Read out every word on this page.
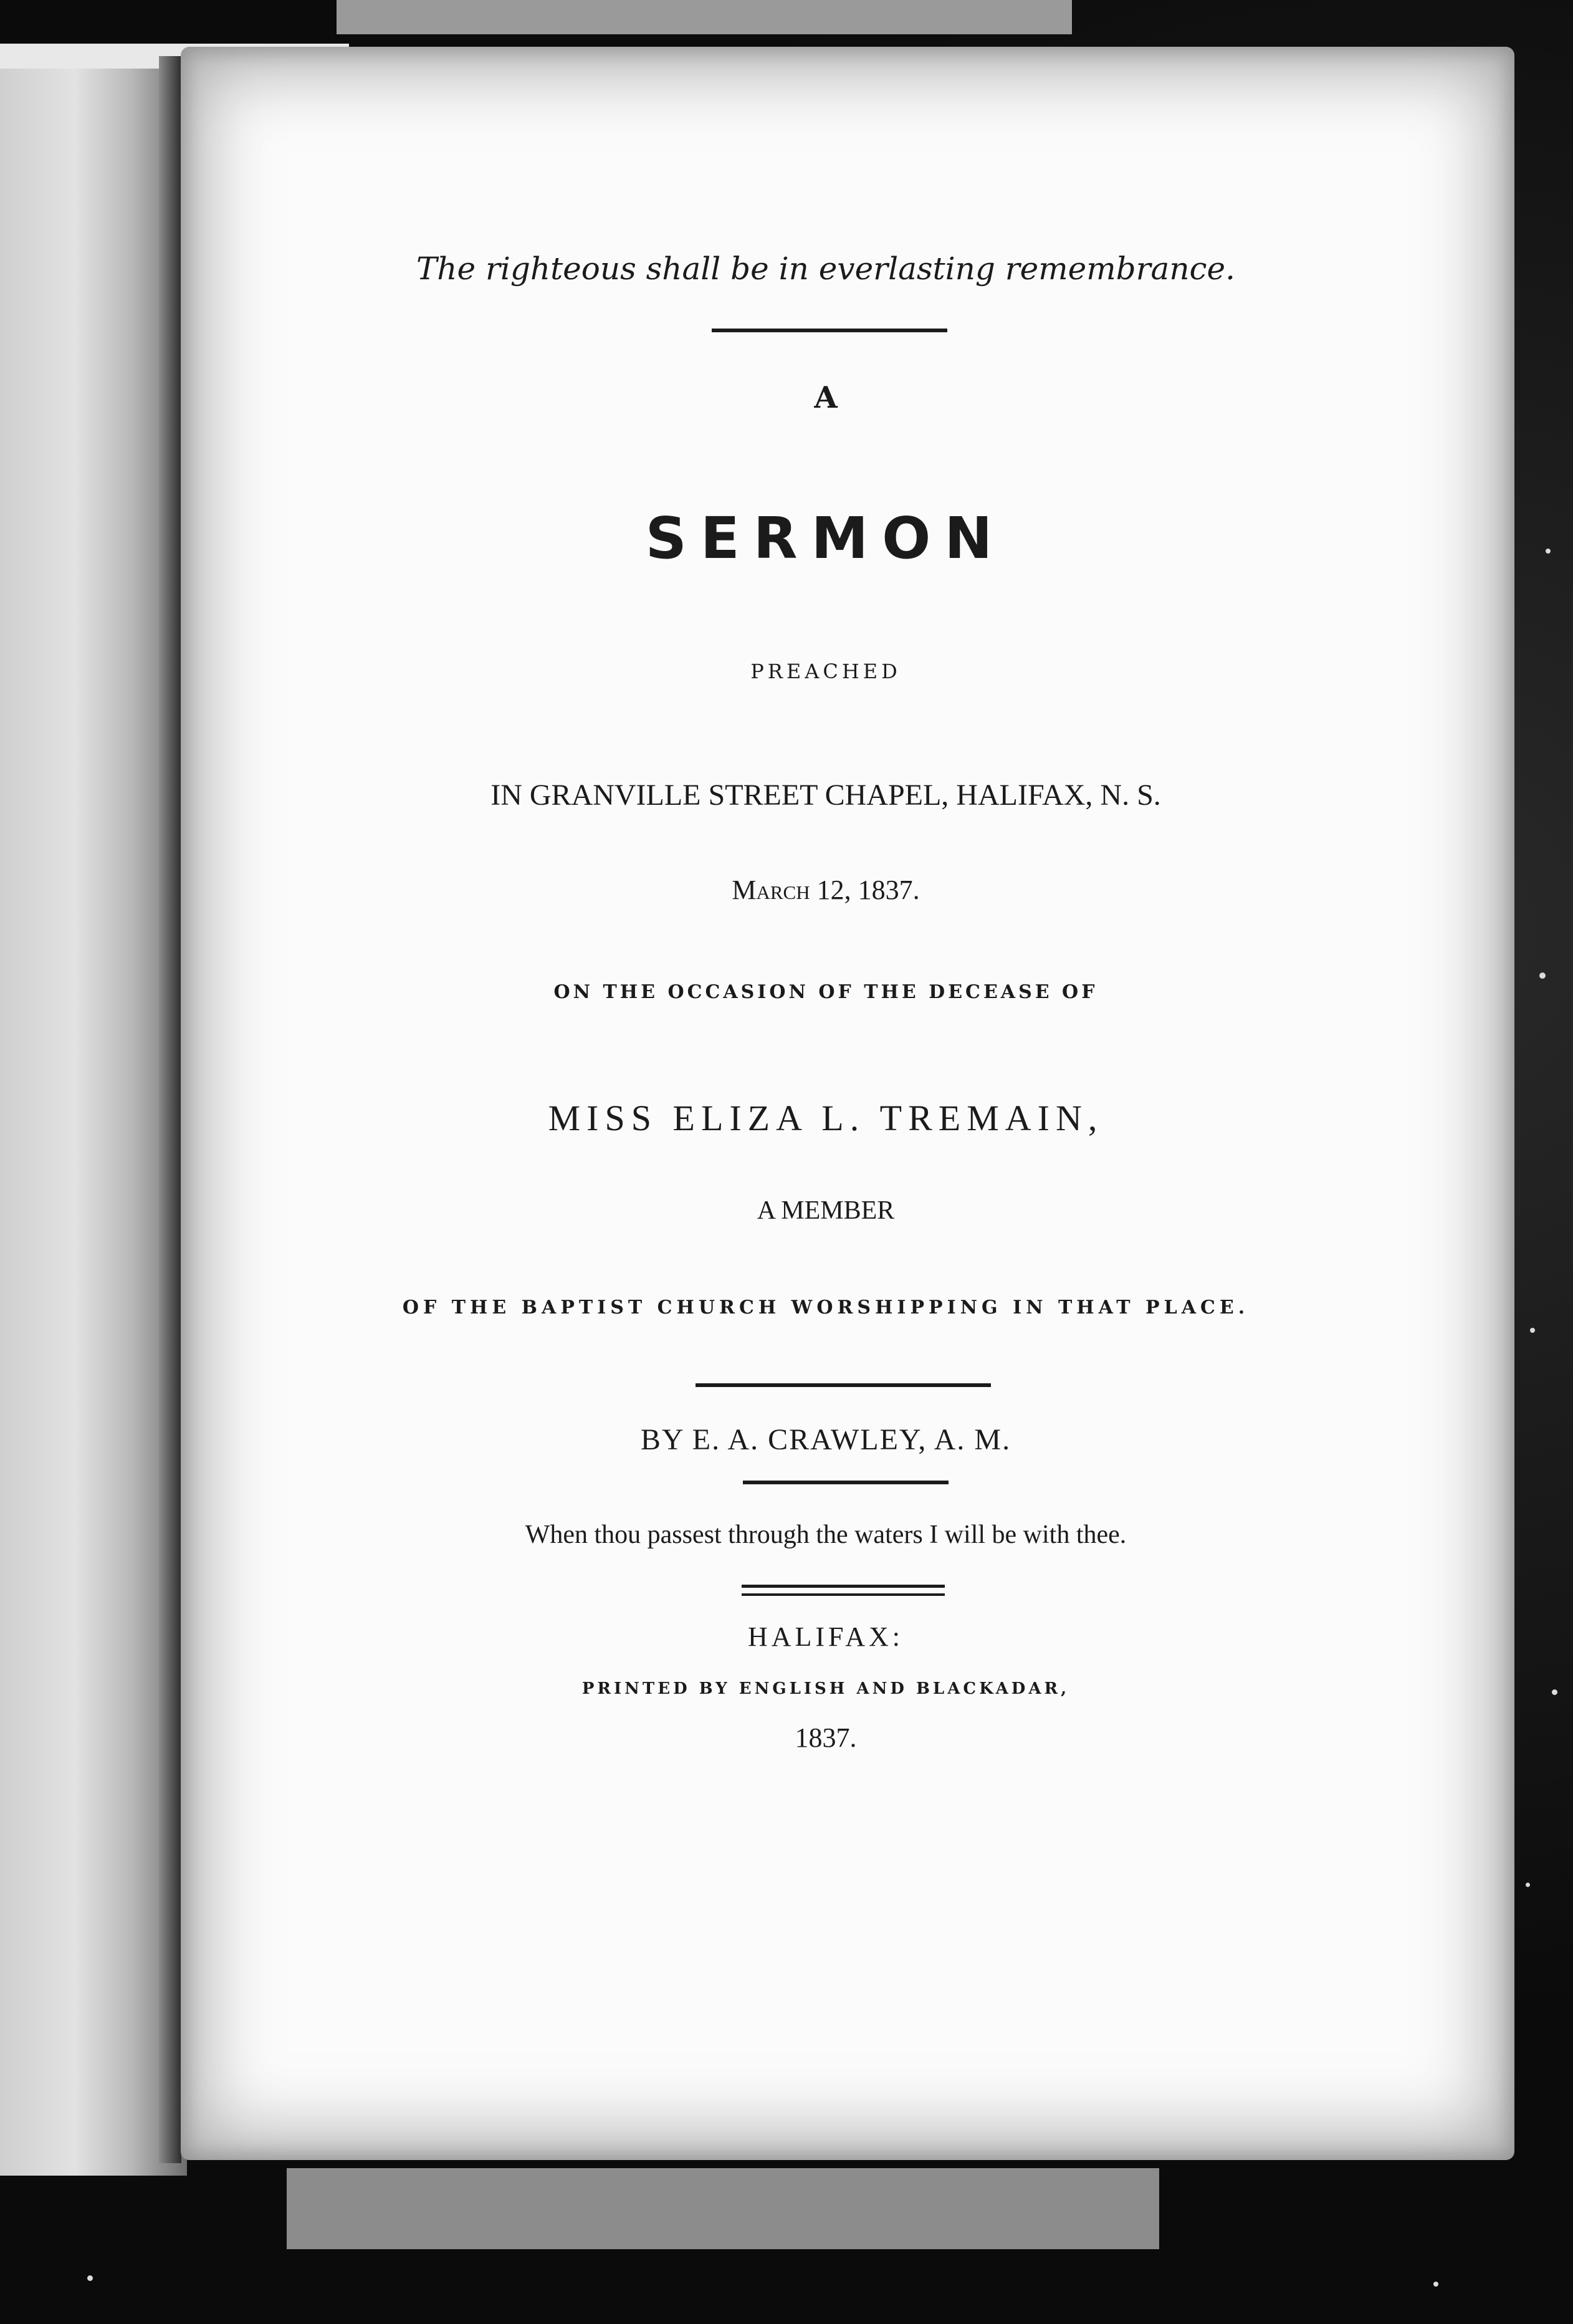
The righteous shall be in everlasting remembrance.
A
SERMON
PREACHED
IN GRANVILLE STREET CHAPEL, HALIFAX, N. S.
March 12, 1837.
ON THE OCCASION OF THE DECEASE OF
MISS ELIZA L. TREMAIN,
A MEMBER
OF THE BAPTIST CHURCH WORSHIPPING IN THAT PLACE.
BY E. A. CRAWLEY, A. M.
When thou passest through the waters I will be with thee.
HALIFAX:
PRINTED BY ENGLISH AND BLACKADAR,
1837.
